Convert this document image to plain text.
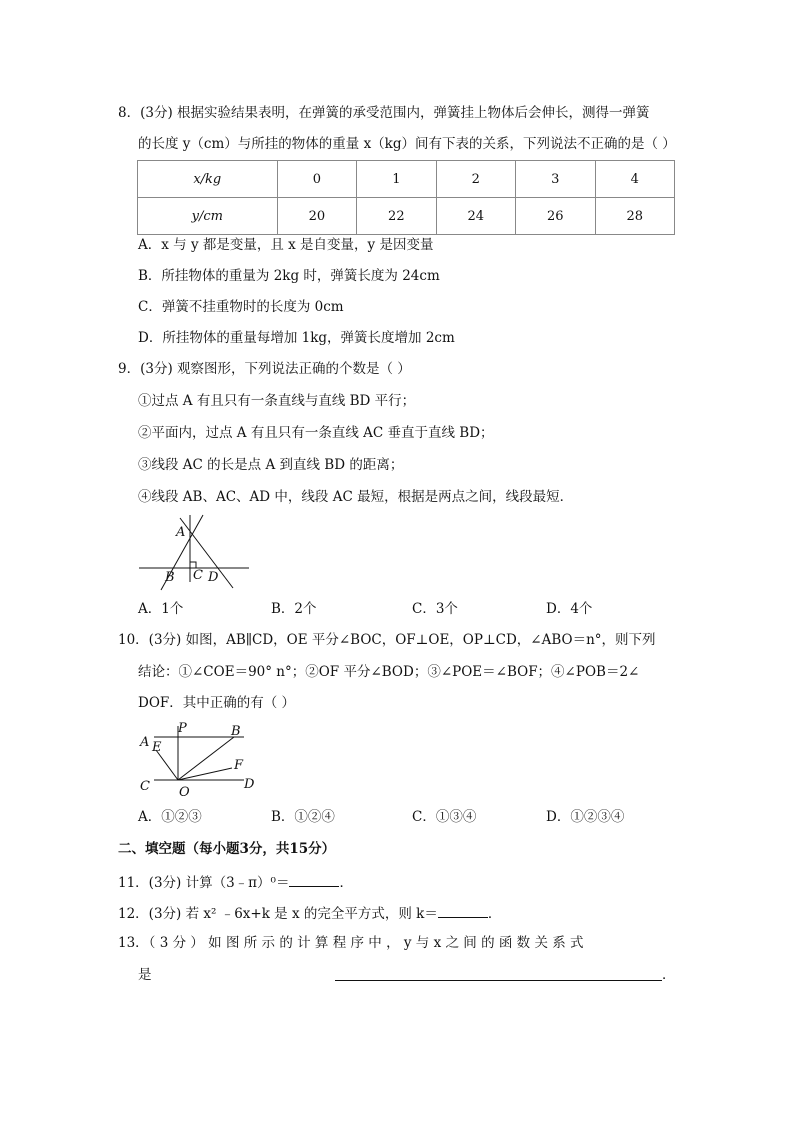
8．(3分) 根据实验结果表明，在弹簧的承受范围内，弹簧挂上物体后会伸长，测得一弹簧
的长度 y（cm）与所挂的物体的重量 x（kg）间有下表的关系，下列说法不正确的是（ ）
x/kg	0	1	2	3	4
y/cm	20	22	24	26	28
A．x 与 y 都是变量，且 x 是自变量，y 是因变量
B．所挂物体的重量为 2kg 时，弹簧长度为 24cm
C．弹簧不挂重物时的长度为 0cm
D．所挂物体的重量每增加 1kg，弹簧长度增加 2cm
9．(3分) 观察图形，下列说法正确的个数是（ ）
①过点 A 有且只有一条直线与直线 BD 平行；
②平面内，过点 A 有且只有一条直线 AC 垂直于直线 BD；
③线段 AC 的长是点 A 到直线 BD 的距离；
④线段 AB、AC、AD 中，线段 AC 最短，根据是两点之间，线段最短．
A
B C D
A．1个	B．2个	C．3个	D．4个
10．(3分) 如图，AB∥CD，OE 平分∠BOC，OF⊥OE，OP⊥CD，∠ABO＝n°，则下列
结论：①∠COE＝90° n°；②OF 平分∠BOD；③∠POE＝∠BOF；④∠POB＝2∠
DOF．其中正确的有（ ）
P	B
A E
F
C	D
O
A．①②③	B．①②④	C．①③④	D．①②③④
二、填空题（每小题3分，共15分）
11．(3分) 计算（3﹣π）⁰＝	．
12．(3分) 若 x² ﹣6x+k 是 x 的完全平方式，则 k＝	．
13．（ 3 分 ） 如 图 所 示 的 计 算 程 序 中 ， y 与 x 之 间 的 函 数 关 系 式
是	．
